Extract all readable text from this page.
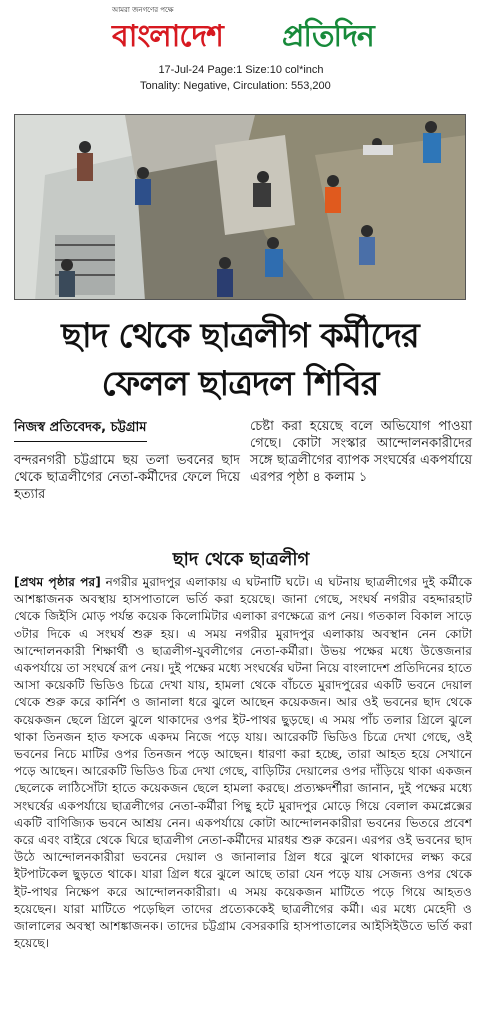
আমরা জনগণের পক্ষে
বাংলাদেশ প্রতিদিন
17-Jul-24 Page:1 Size:10 col*inch
Tonality: Negative, Circulation: 553,200
ছাদ থেকে ছাত্রলীগ কর্মীদের
ফেলল ছাত্রদল শিবির
নিজস্ব প্রতিবেদক, চট্টগ্রাম
বন্দরনগরী চট্টগ্রামে ছয় তলা ভবনের ছাদ থেকে ছাত্রলীগের নেতা-কর্মীদের ফেলে দিয়ে হত্যার
চেষ্টা করা হয়েছে বলে অভিযোগ পাওয়া গেছে। কোটা সংস্কার আন্দোলনকারীদের সঙ্গে ছাত্রলীগের ব্যাপক সংঘর্ষের একপর্যায়ে এরপর পৃষ্ঠা ৪ কলাম ১
ছাদ থেকে ছাত্রলীগ
[প্রথম পৃষ্ঠার পর] নগরীর মুরাদপুর এলাকায় এ ঘটনাটি ঘটে। এ ঘটনায় ছাত্রলীগের দুই কর্মীকে আশঙ্কাজনক অবস্থায় হাসপাতালে ভর্তি করা হয়েছে। জানা গেছে, সংঘর্ষ নগরীর বহদ্দারহাট থেকে জিইসি মোড় পর্যন্ত কয়েক কিলোমিটার এলাকা রণক্ষেত্রে রূপ নেয়। গতকাল বিকাল সাড়ে ৩টার দিকে এ সংঘর্ষ শুরু হয়। এ সময় নগরীর মুরাদপুর এলাকায় অবস্থান নেন কোটা আন্দোলনকারী শিক্ষার্থী ও ছাত্রলীগ-যুবলীগের নেতা-কর্মীরা। উভয় পক্ষের মধ্যে উত্তেজনার একপর্যায়ে তা সংঘর্ষে রূপ নেয়। দুই পক্ষের মধ্যে সংঘর্ষের ঘটনা নিয়ে বাংলাদেশ প্রতিদিনের হাতে আসা কয়েকটি ভিডিও চিত্রে দেখা যায়, হামলা থেকে বাঁচতে মুরাদপুরের একটি ভবনে দেয়াল থেকে শুরু করে কার্নিশ ও জানালা ধরে ঝুলে আছেন কয়েকজন। আর ওই ভবনের ছাদ থেকে কয়েকজন ছেলে গ্রিলে ঝুলে থাকাদের ওপর ইট-পাথর ছুড়ছে। এ সময় পাঁচ তলার গ্রিলে ঝুলে থাকা তিনজন হাত ফসকে একদম নিজে পড়ে যায়। আরেকটি ভিডিও চিত্রে দেখা গেছে, ওই ভবনের নিচে মাটির ওপর তিনজন পড়ে আছেন। ধারণা করা হচ্ছে, তারা আহত হয়ে সেখানে পড়ে আছেন। আরেকটি ভিডিও চিত্র দেখা গেছে, বাড়িটির দেয়ালের ওপর দাঁড়িয়ে থাকা একজন ছেলেকে লাঠিসোঁটা হাতে কয়েকজন ছেলে হামলা করছে। প্রত্যক্ষদর্শীরা জানান, দুই পক্ষের মধ্যে সংঘর্ষের একপর্যায়ে ছাত্রলীগের নেতা-কর্মীরা পিছু হটে মুরাদপুর মোড়ে গিয়ে বেলাল কমপ্লেক্সের একটি বাণিজ্যিক ভবনে আশ্রয় নেন। একপর্যায়ে কোটা আন্দোলনকারীরা ভবনের ভিতরে প্রবেশ করে এবং বাইরে থেকে ঘিরে ছাত্রলীগ নেতা-কর্মীদের মারধর শুরু করেন। এরপর ওই ভবনের ছাদ উঠে আন্দোলনকারীরা ভবনের দেয়াল ও জানালার গ্রিল ধরে ঝুলে থাকাদের লক্ষ্য করে ইটপাটকেল ছুড়তে থাকে। যারা গ্রিল ধরে ঝুলে আছে তারা যেন পড়ে যায় সেজন্য ওপর থেকে ইট-পাথর নিক্ষেপ করে আন্দোলনকারীরা। এ সময় কয়েকজন মাটিতে পড়ে গিয়ে আহতও হয়েছেন। যারা মাটিতে পড়েছিল তাদের প্রত্যেককেই ছাত্রলীগের কর্মী। এর মধ্যে মেহেদী ও জালালের অবস্থা আশঙ্কাজনক। তাদের চট্টগ্রাম বেসরকারি হাসপাতালের আইসিইউতে ভর্তি করা হয়েছে।
